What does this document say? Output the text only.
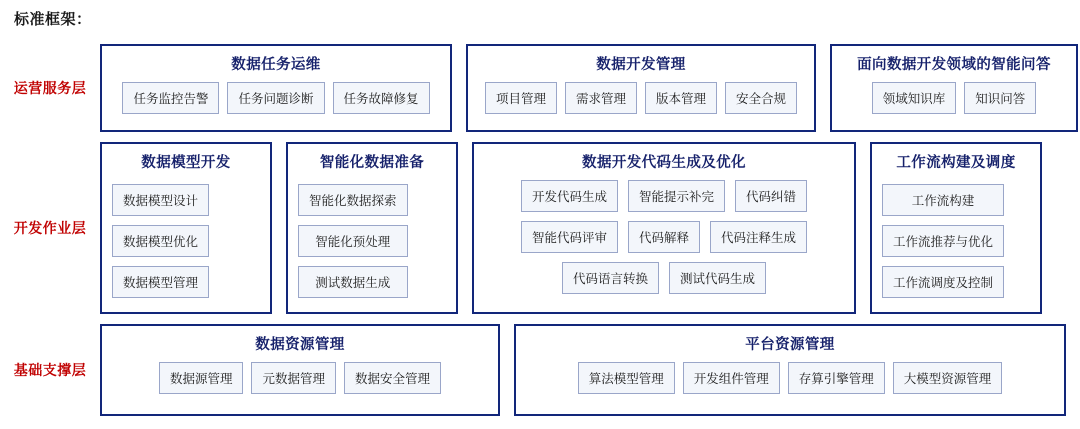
标准框架：
运营服务层
数据任务运维
任务监控告警	任务问题诊断	任务故障修复
数据开发管理
项目管理	需求管理	版本管理	安全合规
面向数据开发领域的智能问答
领域知识库	知识问答
开发作业层
数据模型开发
数据模型设计
数据模型优化
数据模型管理
智能化数据准备
智能化数据探索
智能化预处理
测试数据生成
数据开发代码生成及优化
开发代码生成	智能提示补完	代码纠错
智能代码评审	代码解释	代码注释生成
代码语言转换	测试代码生成
工作流构建及调度
工作流构建
工作流推荐与优化
工作流调度及控制
基础支撑层
数据资源管理
数据源管理	元数据管理	数据安全管理
平台资源管理
算法模型管理	开发组件管理	存算引擎管理	大模型资源管理
